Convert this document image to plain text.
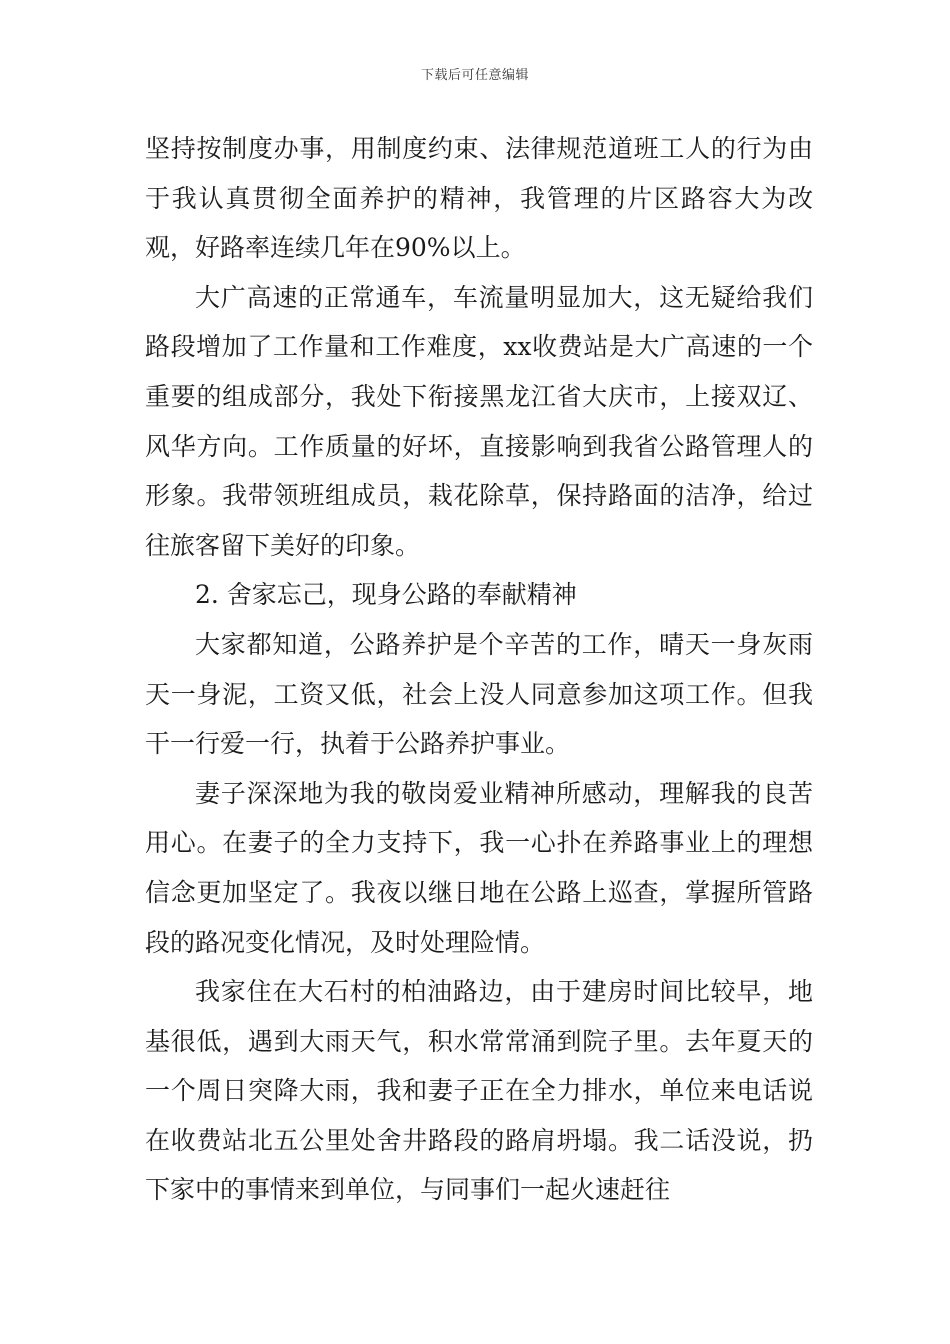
下载后可任意编辑

坚持按制度办事，用制度约束、法律规范道班工人的行为由于我认真贯彻全面养护的精神，我管理的片区路容大为改观，好路率连续几年在90%以上。

大广高速的正常通车，车流量明显加大，这无疑给我们路段增加了工作量和工作难度，xx收费站是大广高速的一个重要的组成部分，我处下衔接黑龙江省大庆市，上接双辽、风华方向。工作质量的好坏，直接影响到我省公路管理人的形象。我带领班组成员，栽花除草，保持路面的洁净，给过往旅客留下美好的印象。

2. 舍家忘己，现身公路的奉献精神

大家都知道，公路养护是个辛苦的工作，晴天一身灰雨天一身泥，工资又低，社会上没人同意参加这项工作。但我干一行爱一行，执着于公路养护事业。

妻子深深地为我的敬岗爱业精神所感动，理解我的良苦用心。在妻子的全力支持下，我一心扑在养路事业上的理想信念更加坚定了。我夜以继日地在公路上巡查，掌握所管路段的路况变化情况，及时处理险情。

我家住在大石村的柏油路边，由于建房时间比较早，地基很低，遇到大雨天气，积水常常涌到院子里。去年夏天的一个周日突降大雨，我和妻子正在全力排水，单位来电话说在收费站北五公里处舍井路段的路肩坍塌。我二话没说，扔下家中的事情来到单位，与同事们一起火速赶往
